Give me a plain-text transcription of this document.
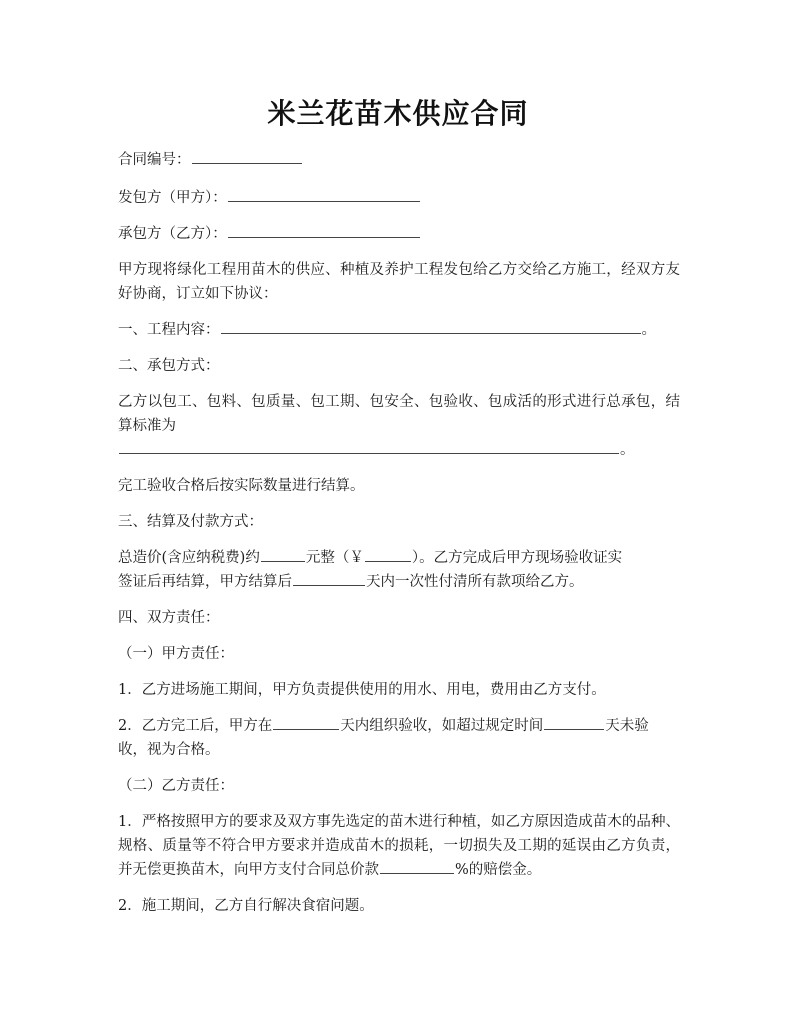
米兰花苗木供应合同
合同编号：
发包方（甲方）：
承包方（乙方）：
甲方现将绿化工程用苗木的供应、种植及养护工程发包给乙方交给乙方施工，经双方友好协商，订立如下协议：
一、工程内容：	。
二、承包方式：
乙方以包工、包料、包质量、包工期、包安全、包验收、包成活的形式进行总承包，结算标准为
。
完工验收合格后按实际数量进行结算。
三、结算及付款方式：
总造价(含应纳税费)约	元整（￥	）。乙方完成后甲方现场验收证实
签证后再结算，甲方结算后	天内一次性付清所有款项给乙方。
四、双方责任：
（一）甲方责任：
1．乙方进场施工期间，甲方负责提供使用的用水、用电，费用由乙方支付。
2．乙方完工后，甲方在	天内组织验收，如超过规定时间	天未验
收，视为合格。
（二）乙方责任：
1．严格按照甲方的要求及双方事先选定的苗木进行种植，如乙方原因造成苗木的品种、规格、质量等不符合甲方要求并造成苗木的损耗，一切损失及工期的延误由乙方负责，并无偿更换苗木，向甲方支付合同总价款	%的赔偿金。
2．施工期间，乙方自行解决食宿问题。
